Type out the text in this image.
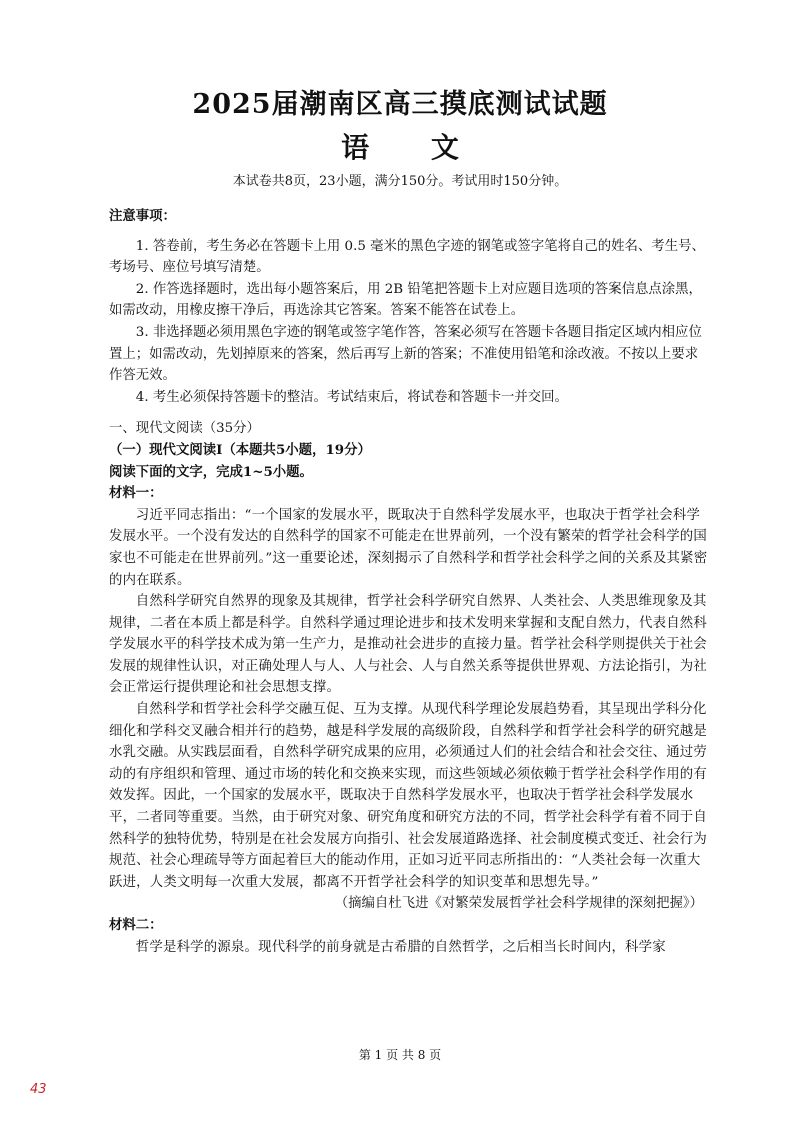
2025届潮南区高三摸底测试试题
语 文
本试卷共8页，23小题，满分150分。考试用时150分钟。

注意事项：

1. 答卷前，考生务必在答题卡上用 0.5 毫米的黑色字迹的钢笔或签字笔将自己的姓名、考生号、考场号、座位号填写清楚。

2. 作答选择题时，选出每小题答案后，用 2B 铅笔把答题卡上对应题目选项的答案信息点涂黑，如需改动，用橡皮擦干净后，再选涂其它答案。答案不能答在试卷上。

3. 非选择题必须用黑色字迹的钢笔或签字笔作答，答案必须写在答题卡各题目指定区域内相应位置上；如需改动，先划掉原来的答案，然后再写上新的答案；不准使用铅笔和涂改液。不按以上要求作答无效。

4. 考生必须保持答题卡的整洁。考试结束后，将试卷和答题卡一并交回。

一、现代文阅读（35分）

（一）现代文阅读Ⅰ（本题共5小题，19分）

阅读下面的文字，完成1~5小题。

材料一：

习近平同志指出：“一个国家的发展水平，既取决于自然科学发展水平，也取决于哲学社会科学发展水平。一个没有发达的自然科学的国家不可能走在世界前列，一个没有繁荣的哲学社会科学的国家也不可能走在世界前列。”这一重要论述，深刻揭示了自然科学和哲学社会科学之间的关系及其紧密的内在联系。

自然科学研究自然界的现象及其规律，哲学社会科学研究自然界、人类社会、人类思维现象及其规律，二者在本质上都是科学。自然科学通过理论进步和技术发明来掌握和支配自然力，代表自然科学发展水平的科学技术成为第一生产力，是推动社会进步的直接力量。哲学社会科学则提供关于社会发展的规律性认识，对正确处理人与人、人与社会、人与自然关系等提供世界观、方法论指引，为社会正常运行提供理论和社会思想支撑。

自然科学和哲学社会科学交融互促、互为支撑。从现代科学理论发展趋势看，其呈现出学科分化细化和学科交叉融合相并行的趋势，越是科学发展的高级阶段，自然科学和哲学社会科学的研究越是水乳交融。从实践层面看，自然科学研究成果的应用，必须通过人们的社会结合和社会交往、通过劳动的有序组织和管理、通过市场的转化和交换来实现，而这些领域必须依赖于哲学社会科学作用的有效发挥。因此，一个国家的发展水平，既取决于自然科学发展水平，也取决于哲学社会科学发展水平，二者同等重要。当然，由于研究对象、研究角度和研究方法的不同，哲学社会科学有着不同于自然科学的独特优势，特别是在社会发展方向指引、社会发展道路选择、社会制度模式变迁、社会行为规范、社会心理疏导等方面起着巨大的能动作用，正如习近平同志所指出的：“人类社会每一次重大跃进，人类文明每一次重大发展，都离不开哲学社会科学的知识变革和思想先导。”

（摘编自杜飞进《对繁荣发展哲学社会科学规律的深刻把握》）

材料二：

哲学是科学的源泉。现代科学的前身就是古希腊的自然哲学，之后相当长时间内，科学家

第 1 页 共 8 页
43
